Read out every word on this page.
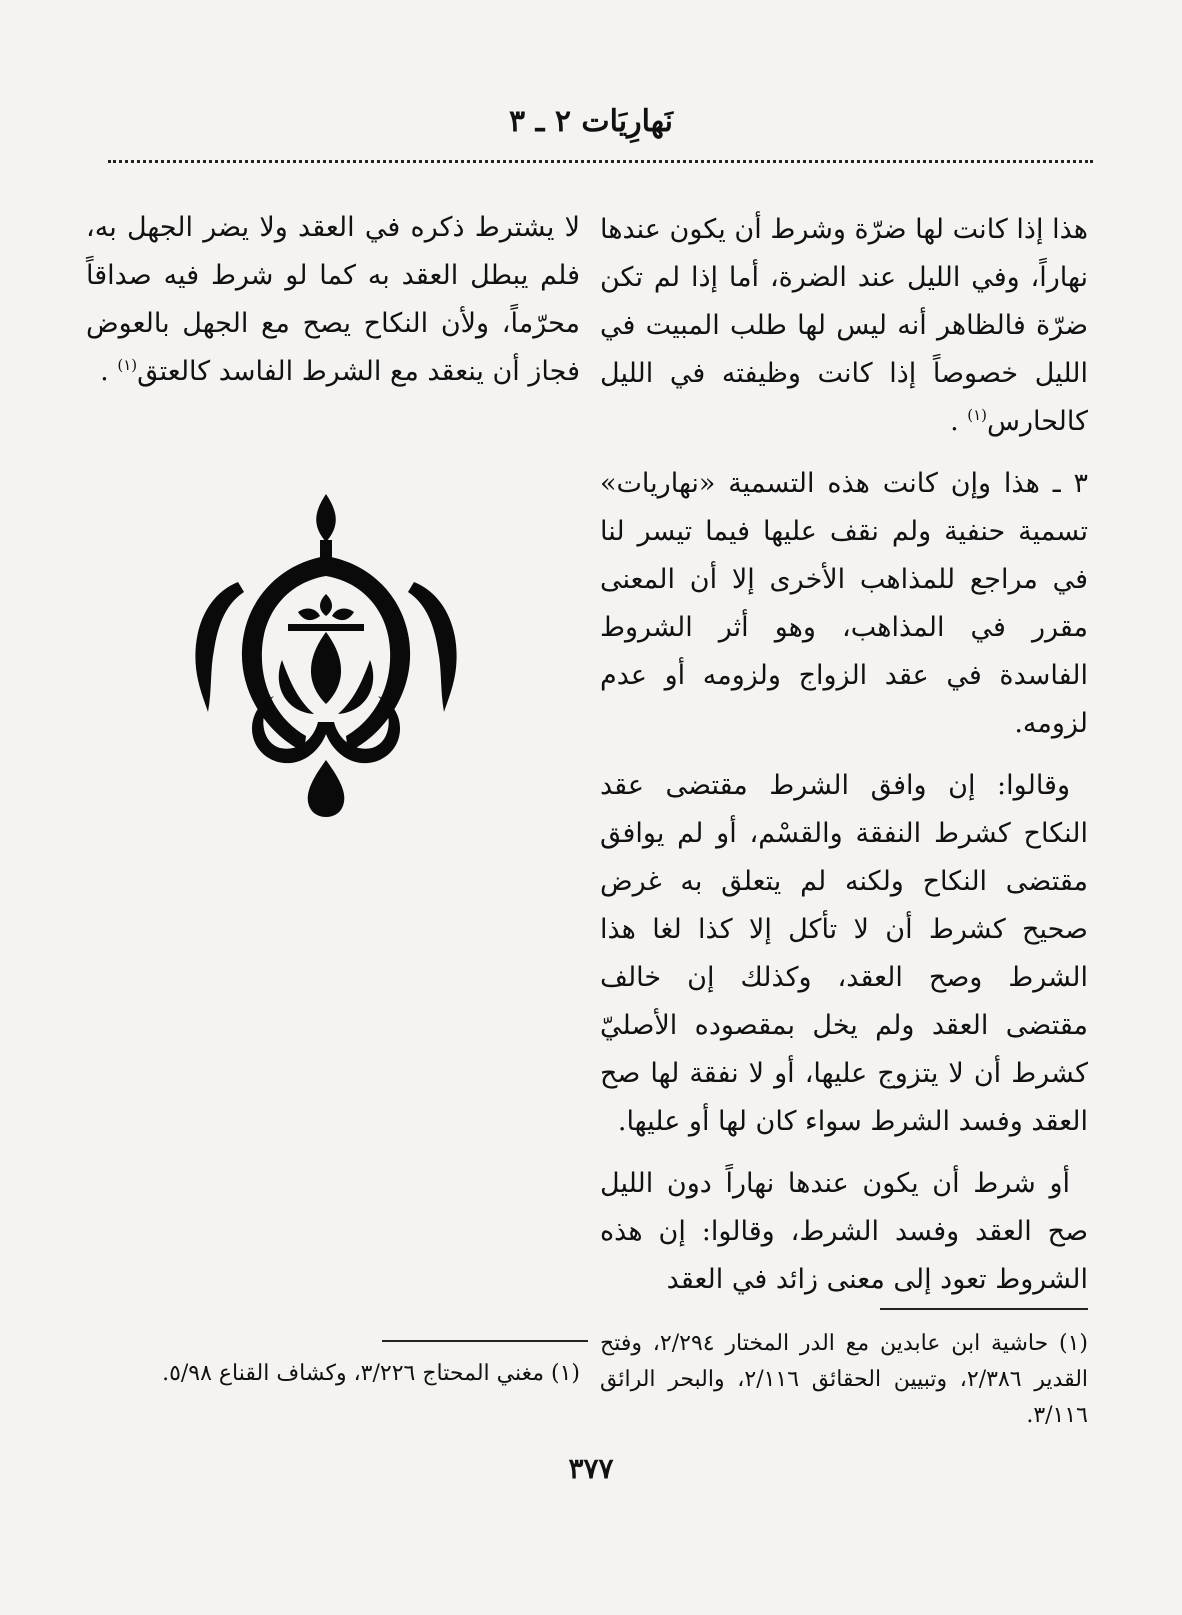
نَهارِيَات ٢ ـ ٣

هذا إذا كانت لها ضرّة وشرط أن يكون عندها نهاراً، وفي الليل عند الضرة، أما إذا لم تكن ضرّة فالظاهر أنه ليس لها طلب المبيت في الليل خصوصاً إذا كانت وظيفته في الليل كالحارس$^{(١)}$ .

٣ ـ هذا وإن كانت هذه التسمية «نهاريات» تسمية حنفية ولم نقف عليها فيما تيسر لنا في مراجع للمذاهب الأخرى إلا أن المعنى مقرر في المذاهب، وهو أثر الشروط الفاسدة في عقد الزواج ولزومه أو عدم لزومه.

وقالوا: إن وافق الشرط مقتضى عقد النكاح كشرط النفقة والقسْم، أو لم يوافق مقتضى النكاح ولكنه لم يتعلق به غرض صحيح كشرط أن لا تأكل إلا كذا لغا هذا الشرط وصح العقد، وكذلك إن خالف مقتضى العقد ولم يخل بمقصوده الأصليّ كشرط أن لا يتزوج عليها، أو لا نفقة لها صح العقد وفسد الشرط سواء كان لها أو عليها.

أو شرط أن يكون عندها نهاراً دون الليل صح العقد وفسد الشرط، وقالوا: إن هذه الشروط تعود إلى معنى زائد في العقد

لا يشترط ذكره في العقد ولا يضر الجهل به، فلم يبطل العقد به كما لو شرط فيه صداقاً محرّماً، ولأن النكاح يصح مع الجهل بالعوض فجاز أن ينعقد مع الشرط الفاسد كالعتق$^{(١)}$ .

(١) حاشية ابن عابدين مع الدر المختار ٢/٢٩٤، وفتح القدير ٢/٣٨٦، وتبيين الحقائق ٢/١١٦، والبحر الرائق ٣/١١٦.
(١) مغني المحتاج ٣/٢٢٦، وكشاف القناع ٥/٩٨.
٣٧٧
